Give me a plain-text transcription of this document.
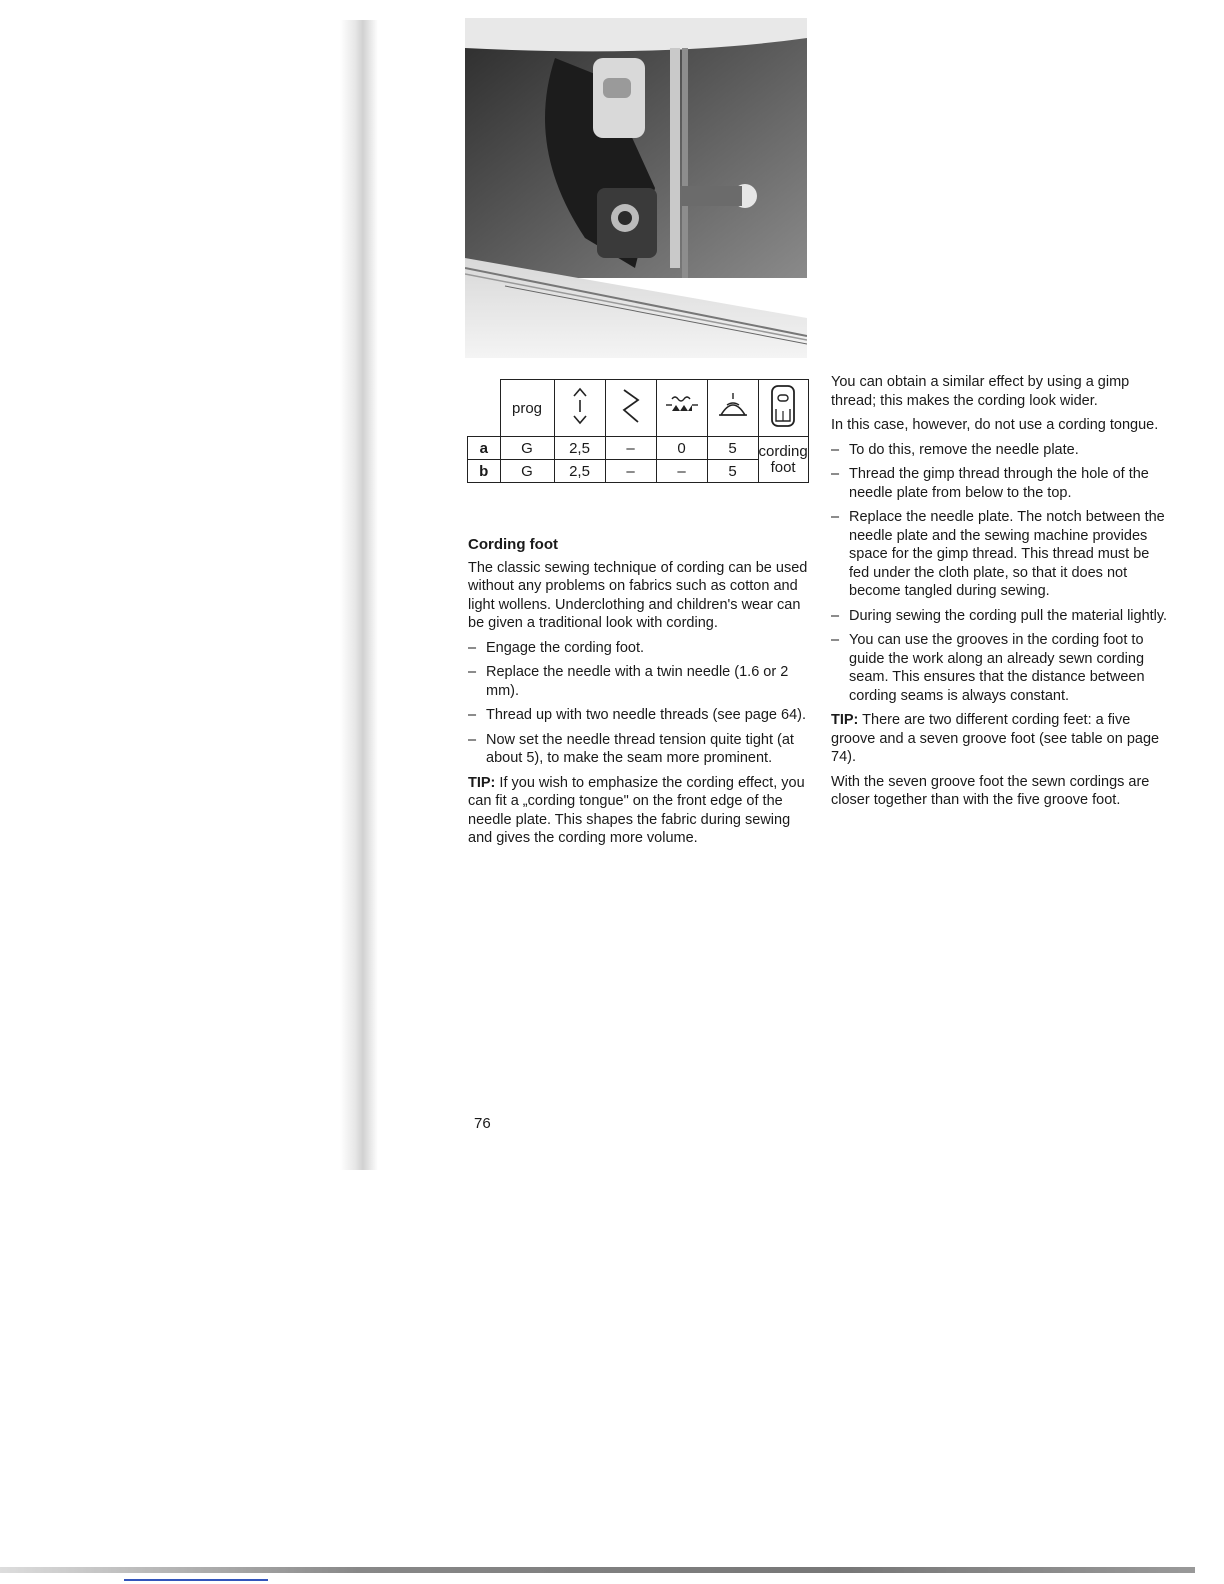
	prog					
a	G	2,5	–	0	5	cording
foot
b	G	2,5	–	–	5	
Cording foot

The classic sewing technique of cording can be used without any problems on fabrics such as cotton and light wollens. Underclothing and children's wear can be given a traditional look with cording.

– Engage the cording foot.
– Replace the needle with a twin needle (1.6 or 2 mm).
– Thread up with two needle threads (see page 64).
– Now set the needle thread tension quite tight (at about 5), to make the seam more prominent.

TIP: If you wish to emphasize the cording effect, you can fit a „cording tongue" on the front edge of the needle plate. This shapes the fabric during sewing and gives the cording more volume.

You can obtain a similar effect by using a gimp thread; this makes the cording look wider.

In this case, however, do not use a cording tongue.

– To do this, remove the needle plate.
– Thread the gimp thread through the hole of the needle plate from below to the top.
– Replace the needle plate. The notch between the needle plate and the sewing machine provides space for the gimp thread. This thread must be fed under the cloth plate, so that it does not become tangled during sewing.
– During sewing the cording pull the material lightly.
– You can use the grooves in the cording foot to guide the work along an already sewn cording seam. This ensures that the distance between cording seams is always constant.

TIP: There are two different cording feet: a five groove and a seven groove foot (see table on page 74).

With the seven groove foot the sewn cordings are closer together than with the five groove foot.

76
